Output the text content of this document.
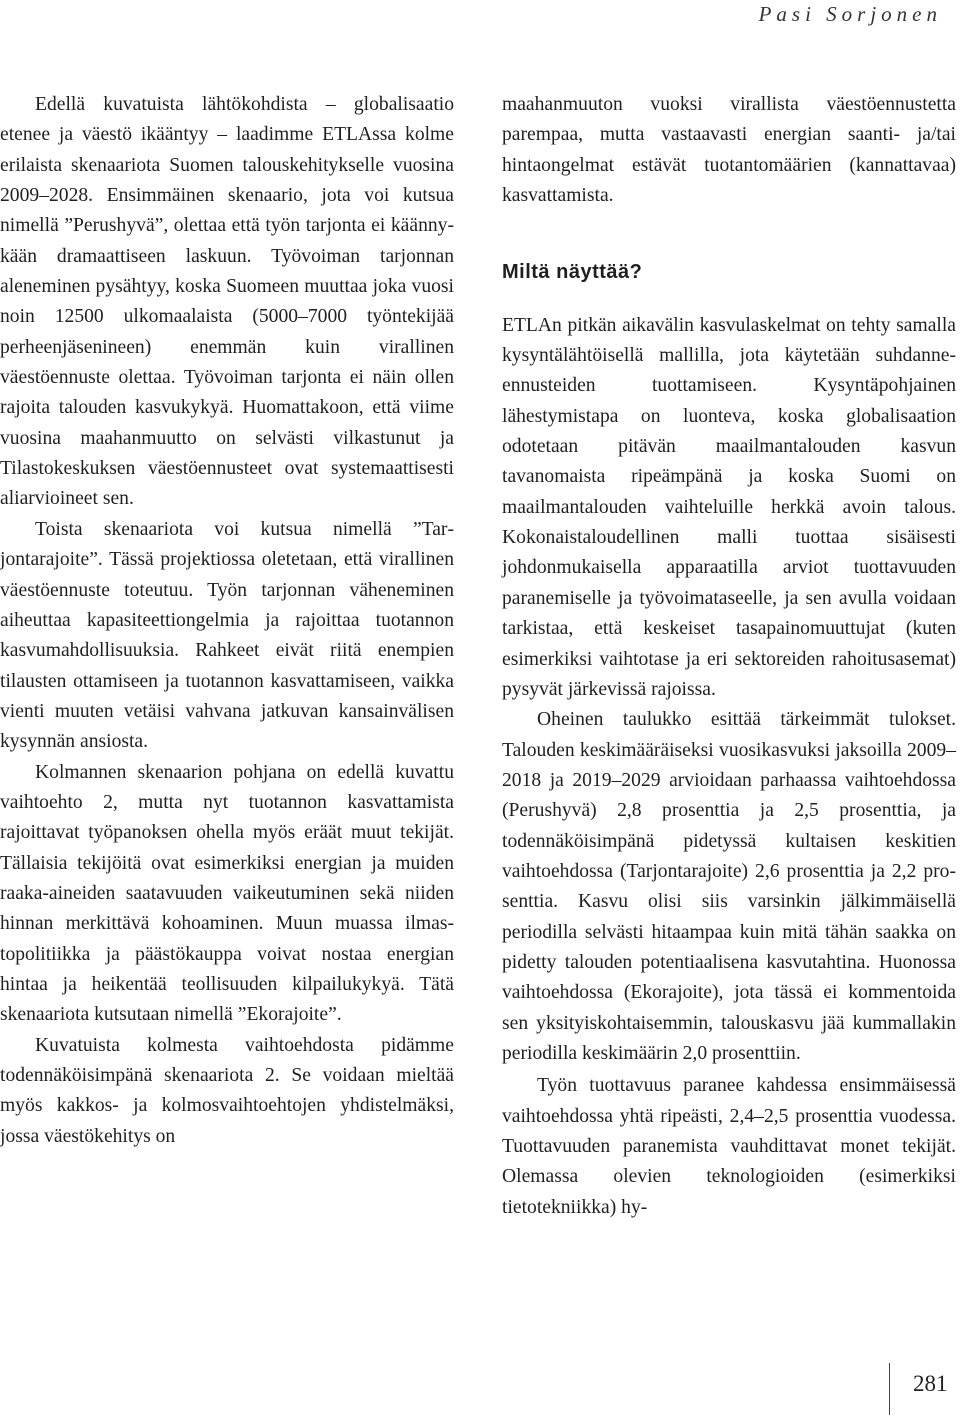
Pasi Sorjonen

Edellä kuvatuista lähtökohdista – globalisaatio etenee ja väestö ikääntyy – laadimme ETLAssa kolme erilaista skenaariota Suomen talouskehitykselle vuosina 2009–2028. Ensimmäinen skenaario, jota voi kutsua nimellä ”Perushyvä”, olettaa että työn tarjonta ei käännykään dramaattiseen laskuun. Työvoiman tarjonnan aleneminen pysähtyy, koska Suomeen muuttaa joka vuosi noin 12500 ulkomaalaista (5000–7000 työntekijää perheenjäsenineen) enemmän kuin virallinen väestöennuste olettaa. Työvoiman tarjonta ei näin ollen rajoita talouden kasvukykyä. Huomattakoon, että viime vuosina maahanmuutto on selvästi vilkastunut ja Tilastokeskuksen väestöennusteet ovat systemaattisesti aliarvioineet sen.

Toista skenaariota voi kutsua nimellä ”Tarjontarajoite”. Tässä projektiossa oletetaan, että virallinen väestöennuste toteutuu. Työn tarjonnan väheneminen aiheuttaa kapasiteettiongelmia ja rajoittaa tuotannon kasvumahdollisuuksia. Rahkeet eivät riitä enempien tilausten ottamiseen ja tuotannon kasvattamiseen, vaikka vienti muuten vetäisi vahvana jatkuvan kansainvälisen kysynnän ansiosta.

Kolmannen skenaarion pohjana on edellä kuvattu vaihtoehto 2, mutta nyt tuotannon kasvattamista rajoittavat työpanoksen ohella myös eräät muut tekijät. Tällaisia tekijöitä ovat esimerkiksi energian ja muiden raaka-aineiden saatavuuden vaikeutuminen sekä niiden hinnan merkittävä kohoaminen. Muun muassa ilmastopolitiikka ja päästökauppa voivat nostaa energian hintaa ja heikentää teollisuuden kilpailukykyä. Tätä skenaariota kutsutaan nimellä ”Ekorajoite”.

Kuvatuista kolmesta vaihtoehdosta pidämme todennäköisimpänä skenaariota 2. Se voidaan mieltää myös kakkos- ja kolmosvaihtoehtojen yhdistelmäksi, jossa väestökehitys on

maahanmuuton vuoksi virallista väestöennustetta parempaa, mutta vastaavasti energian saanti- ja/tai hintaongelmat estävät tuotantomäärien (kannattavaa) kasvattamista.

Miltä näyttää?

ETLAn pitkän aikavälin kasvulaskelmat on tehty samalla kysyntälähtöisellä mallilla, jota käytetään suhdanne-ennusteiden tuottamiseen. Kysyntäpohjainen lähestymistapa on luonteva, koska globalisaation odotetaan pitävän maailmantalouden kasvun tavanomaista ripeämpänä ja koska Suomi on maailmantalouden vaihteluille herkkä avoin talous. Kokonaistaloudellinen malli tuottaa sisäisesti johdonmukaisella apparaatilla arviot tuottavuuden paranemiselle ja työvoimataseelle, ja sen avulla voidaan tarkistaa, että keskeiset tasapainomuuttujat (kuten esimerkiksi vaihtotase ja eri sektoreiden rahoitusasemat) pysyvät järkevissä rajoissa.

Oheinen taulukko esittää tärkeimmät tulokset. Talouden keskimääräiseksi vuosikasvuksi jaksoilla 2009–2018 ja 2019–2029 arvioidaan parhaassa vaihtoehdossa (Perushyvä) 2,8 prosenttia ja 2,5 prosenttia, ja todennäköisimpänä pidetyssä kultaisen keskitien vaihtoehdossa (Tarjontarajoite) 2,6 prosenttia ja 2,2 prosenttia. Kasvu olisi siis varsinkin jälkimmäisellä periodilla selvästi hitaampaa kuin mitä tähän saakka on pidetty talouden potentiaalisena kasvutahtina. Huonossa vaihtoehdossa (Ekorajoite), jota tässä ei kommentoida sen yksityiskohtaisemmin, talouskasvu jää kummallakin periodilla keskimäärin 2,0 prosenttiin.

Työn tuottavuus paranee kahdessa ensimmäisessä vaihtoehdossa yhtä ripeästi, 2,4–2,5 prosenttia vuodessa. Tuottavuuden paranemista vauhdittavat monet tekijät. Olemassa olevien teknologioiden (esimerkiksi tietotekniikka) hy-

281
